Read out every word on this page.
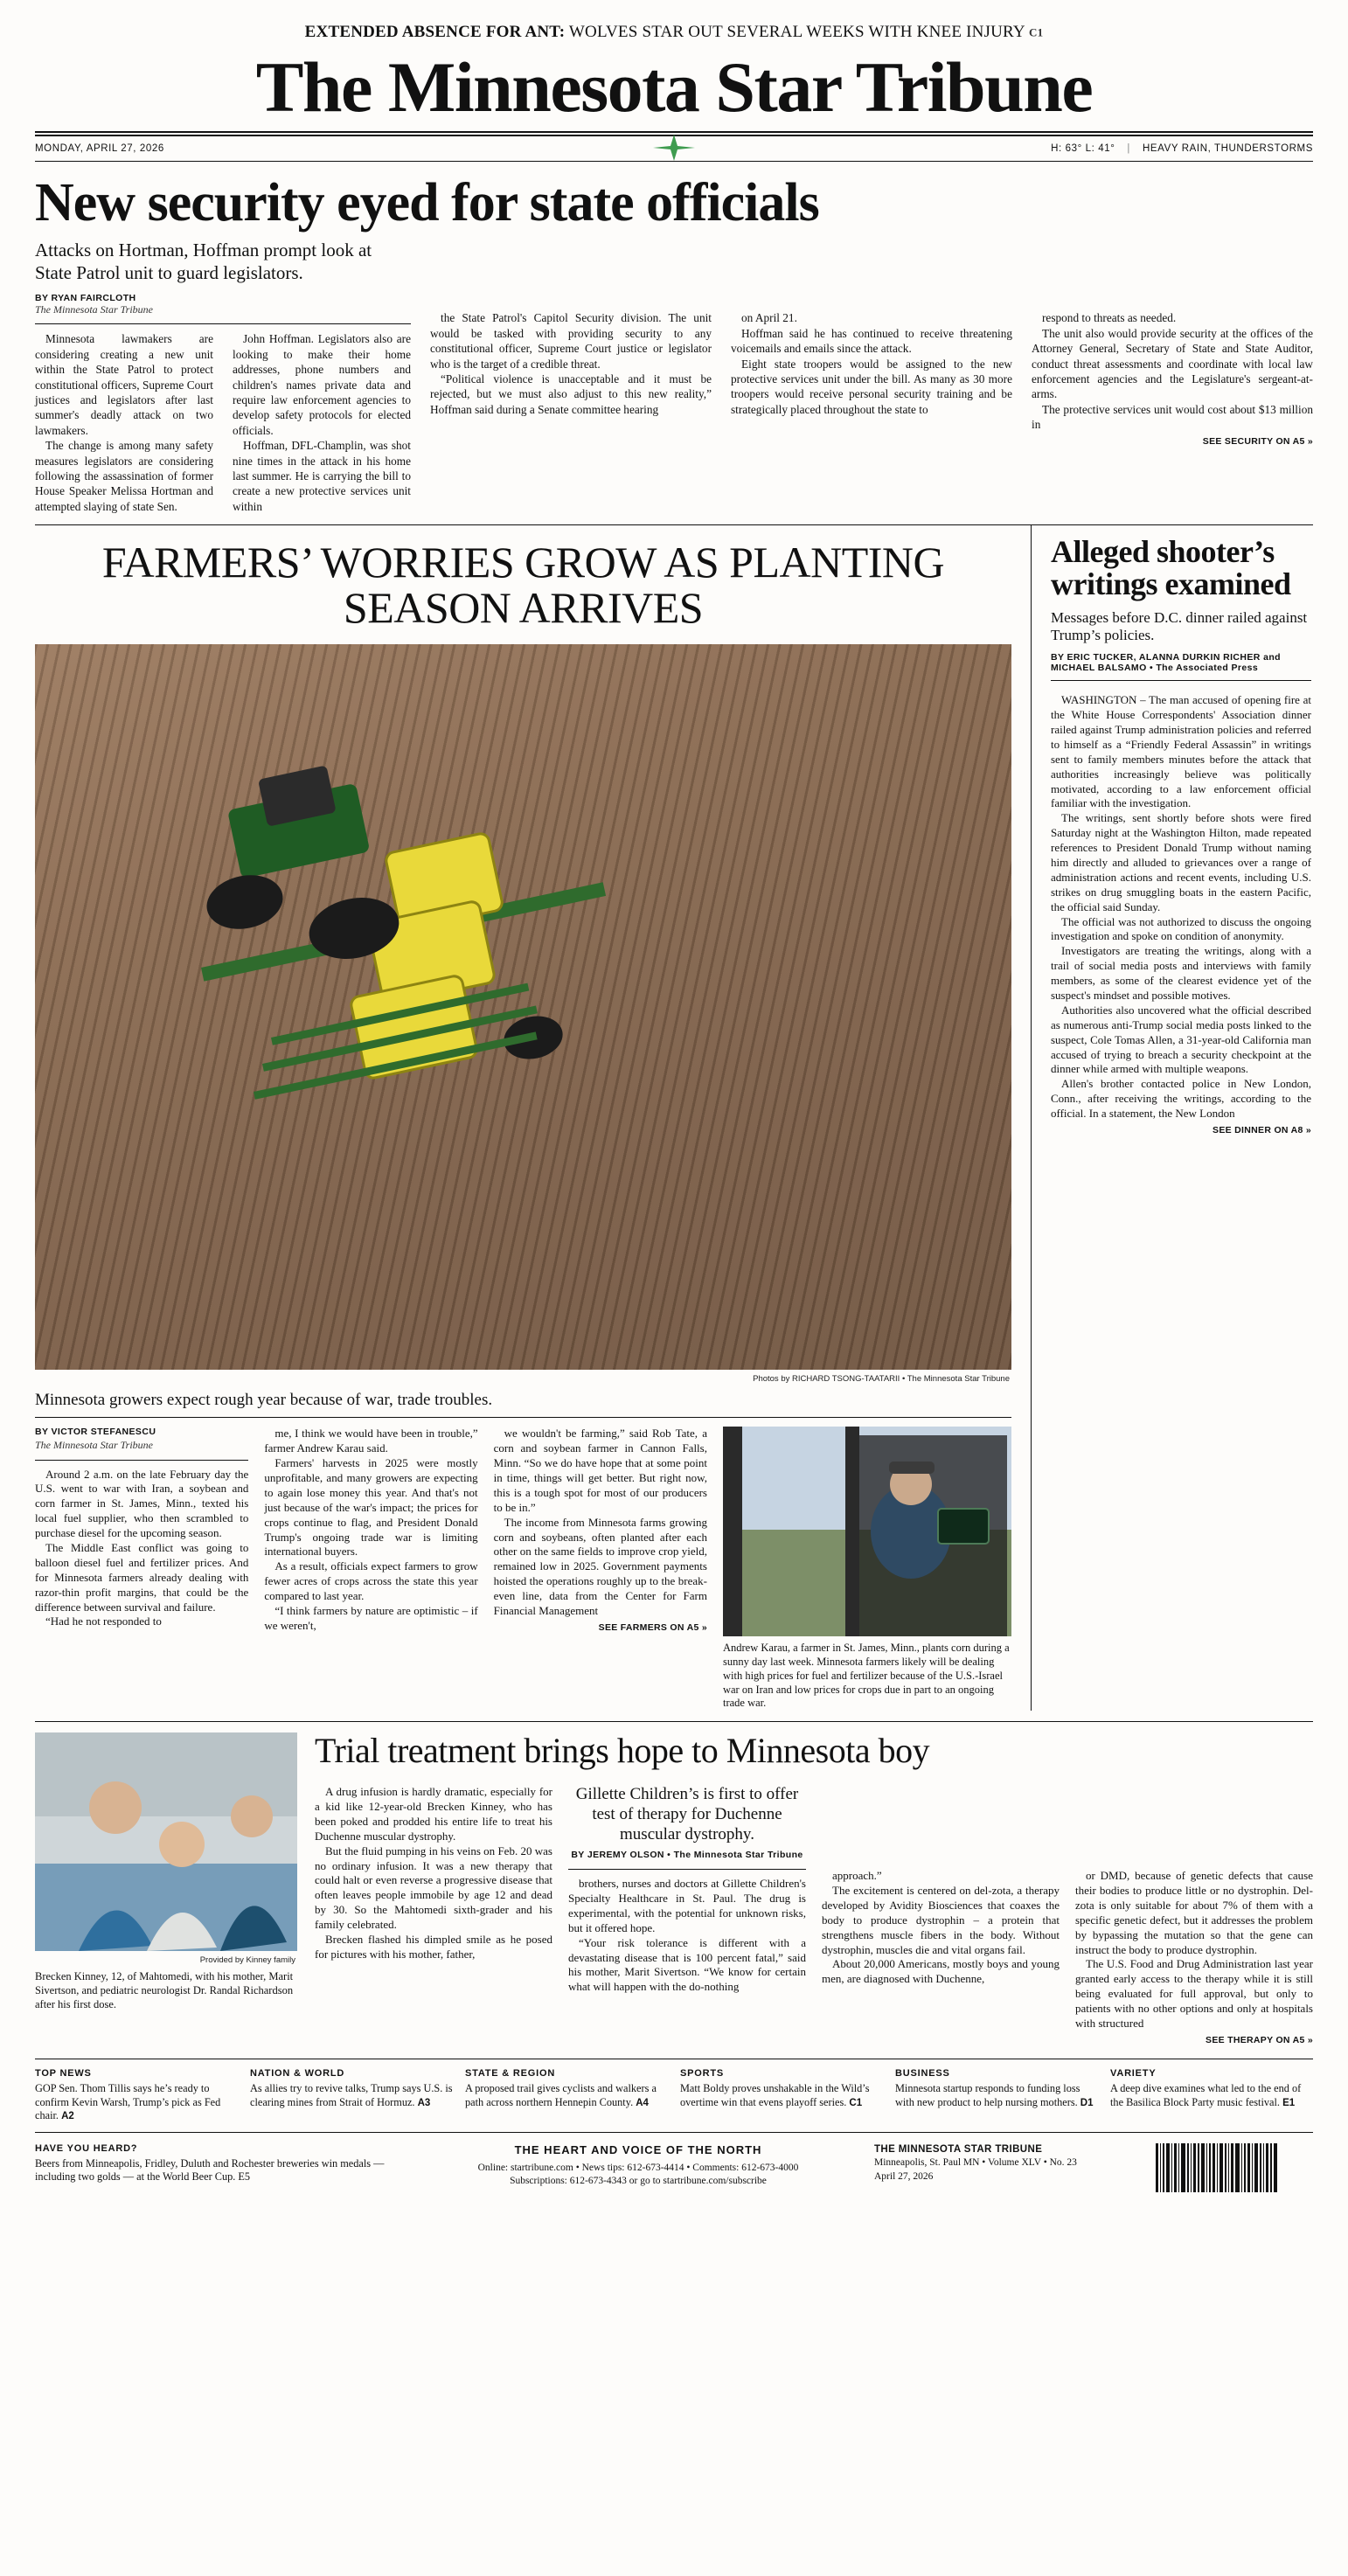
EXTENDED ABSENCE FOR ANT: WOLVES STAR OUT SEVERAL WEEKS WITH KNEE INJURY C1
The Minnesota Star Tribune
MONDAY, APRIL 27, 2026	H: 63° L: 41° | HEAVY RAIN, THUNDERSTORMS
New security eyed for state officials
Attacks on Hortman, Hoffman prompt look at State Patrol unit to guard legislators.
BY RYAN FAIRCLOTH
The Minnesota Star Tribune

Minnesota lawmakers are considering creating a new unit within the State Patrol to protect constitutional officers, Supreme Court justices and legislators after last summer's deadly attack on two lawmakers.

The change is among many safety measures legislators are considering following the assassination of former House Speaker Melissa Hortman and attempted slaying of state Sen.

John Hoffman. Legislators also are looking to make their home addresses, phone numbers and children's names private data and require law enforcement agencies to develop safety protocols for elected officials.

Hoffman, DFL-Champlin, was shot nine times in the attack in his home last summer. He is carrying the bill to create a new protective services unit within

the State Patrol's Capitol Security division. The unit would be tasked with providing security to any constitutional officer, Supreme Court justice or legislator who is the target of a credible threat.

“Political violence is unacceptable and it must be rejected, but we must also adjust to this new reality,” Hoffman said during a Senate committee hearing

on April 21.

Hoffman said he has continued to receive threatening voicemails and emails since the attack.

Eight state troopers would be assigned to the new protective services unit under the bill. As many as 30 more troopers would receive personal security training and be strategically placed throughout the state to

respond to threats as needed.

The unit also would provide security at the offices of the Attorney General, Secretary of State and State Auditor, conduct threat assessments and coordinate with local law enforcement agencies and the Legislature's sergeant-at-arms.

The protective services unit would cost about $13 million in

SEE SECURITY ON A5 »
FARMERS’ WORRIES GROW AS PLANTING SEASON ARRIVES
Photos by RICHARD TSONG-TAATARII • The Minnesota Star Tribune
Minnesota growers expect rough year because of war, trade troubles.
BY VICTOR STEFANESCU
The Minnesota Star Tribune

Around 2 a.m. on the late February day the U.S. went to war with Iran, a soybean and corn farmer in St. James, Minn., texted his local fuel supplier, who then scrambled to purchase diesel for the upcoming season.

The Middle East conflict was going to balloon diesel fuel and fertilizer prices. And for Minnesota farmers already dealing with razor-thin profit margins, that could be the difference between survival and failure.

“Had he not responded to

me, I think we would have been in trouble,” farmer Andrew Karau said.

Farmers' harvests in 2025 were mostly unprofitable, and many growers are expecting to again lose money this year. And that's not just because of the war's impact; the prices for crops continue to flag, and President Donald Trump's ongoing trade war is limiting international buyers.

As a result, officials expect farmers to grow fewer acres of crops across the state this year compared to last year.

“I think farmers by nature are optimistic – if we weren't,

we wouldn't be farming,” said Rob Tate, a corn and soybean farmer in Cannon Falls, Minn. “So we do have hope that at some point in time, things will get better. But right now, this is a tough spot for most of our producers to be in.”

The income from Minnesota farms growing corn and soybeans, often planted after each other on the same fields to improve crop yield, remained low in 2025. Government payments hoisted the operations roughly up to the break-even line, data from the Center for Farm Financial Management

SEE FARMERS ON A5 »
Andrew Karau, a farmer in St. James, Minn., plants corn during a sunny day last week. Minnesota farmers likely will be dealing with high prices for fuel and fertilizer because of the U.S.-Israel war on Iran and low prices for crops due in part to an ongoing trade war.
Alleged shooter’s writings examined
Messages before D.C. dinner railed against Trump’s policies.
BY ERIC TUCKER, ALANNA DURKIN RICHER and MICHAEL BALSAMO • The Associated Press

WASHINGTON – The man accused of opening fire at the White House Correspondents' Association dinner railed against Trump administration policies and referred to himself as a “Friendly Federal Assassin” in writings sent to family members minutes before the attack that authorities increasingly believe was politically motivated, according to a law enforcement official familiar with the investigation.

The writings, sent shortly before shots were fired Saturday night at the Washington Hilton, made repeated references to President Donald Trump without naming him directly and alluded to grievances over a range of administration actions and recent events, including U.S. strikes on drug smuggling boats in the eastern Pacific, the official said Sunday.

The official was not authorized to discuss the ongoing investigation and spoke on condition of anonymity.

Investigators are treating the writings, along with a trail of social media posts and interviews with family members, as some of the clearest evidence yet of the suspect's mindset and possible motives.

Authorities also uncovered what the official described as numerous anti-Trump social media posts linked to the suspect, Cole Tomas Allen, a 31-year-old California man accused of trying to breach a security checkpoint at the dinner while armed with multiple weapons.

Allen's brother contacted police in New London, Conn., after receiving the writings, according to the official. In a statement, the New London

SEE DINNER ON A8 »
Provided by Kinney family
Brecken Kinney, 12, of Mahtomedi, with his mother, Marit Sivertson, and pediatric neurologist Dr. Randal Richardson after his first dose.
Trial treatment brings hope to Minnesota boy

A drug infusion is hardly dramatic, especially for a kid like 12-year-old Brecken Kinney, who has been poked and prodded his entire life to treat his Duchenne muscular dystrophy.

But the fluid pumping in his veins on Feb. 20 was no ordinary infusion. It was a new therapy that could halt or even reverse a progressive disease that often leaves people immobile by age 12 and dead by 30. So the Mahtomedi sixth-grader and his family celebrated.

Brecken flashed his dimpled smile as he posed for pictures with his mother, father,

Gillette Children’s is first to offer test of therapy for Duchenne muscular dystrophy.
BY JEREMY OLSON • The Minnesota Star Tribune

brothers, nurses and doctors at Gillette Children's Specialty Healthcare in St. Paul. The drug is experimental, with the potential for unknown risks, but it offered hope.

“Your risk tolerance is different with a devastating disease that is 100 percent fatal,” said his mother, Marit Sivertson. “We know for certain what will happen with the do-nothing

approach.”

The excitement is centered on del-zota, a therapy developed by Avidity Biosciences that coaxes the body to produce dystrophin – a protein that strengthens muscle fibers in the body. Without dystrophin, muscles die and vital organs fail.

About 20,000 Americans, mostly boys and young men, are diagnosed with Duchenne,

or DMD, because of genetic defects that cause their bodies to produce little or no dystrophin. Del-zota is only suitable for about 7% of them with a specific genetic defect, but it addresses the problem by bypassing the mutation so that the gene can instruct the body to produce dystrophin.

The U.S. Food and Drug Administration last year granted early access to the therapy while it is still being evaluated for full approval, but only to patients with no other options and only at hospitals with structured

SEE THERAPY ON A5 »
TOP NEWS

GOP Sen. Thom Tillis says he’s ready to confirm Kevin Warsh, Trump’s pick as Fed chair. A2

NATION & WORLD

As allies try to revive talks, Trump says U.S. is clearing mines from Strait of Hormuz. A3

STATE & REGION

A proposed trail gives cyclists and walkers a path across northern Hennepin County. A4

SPORTS

Matt Boldy proves unshakable in the Wild’s overtime win that evens playoff series. C1

BUSINESS

Minnesota startup responds to funding loss with new product to help nursing mothers. D1

VARIETY

A deep dive examines what led to the end of the Basilica Block Party music festival. E1

HAVE YOU HEARD?

Beers from Minneapolis, Fridley, Duluth and Rochester breweries win medals — including two golds — at the World Beer Cup. E5

THE HEART AND VOICE OF THE NORTH

Online: startribune.com • News tips: 612-673-4414 • Comments: 612-673-4000

Subscriptions: 612-673-4343 or go to startribune.com/subscribe

THE MINNESOTA STAR TRIBUNE
Minneapolis, St. Paul MN • Volume XLV • No. 23
April 27, 2026
